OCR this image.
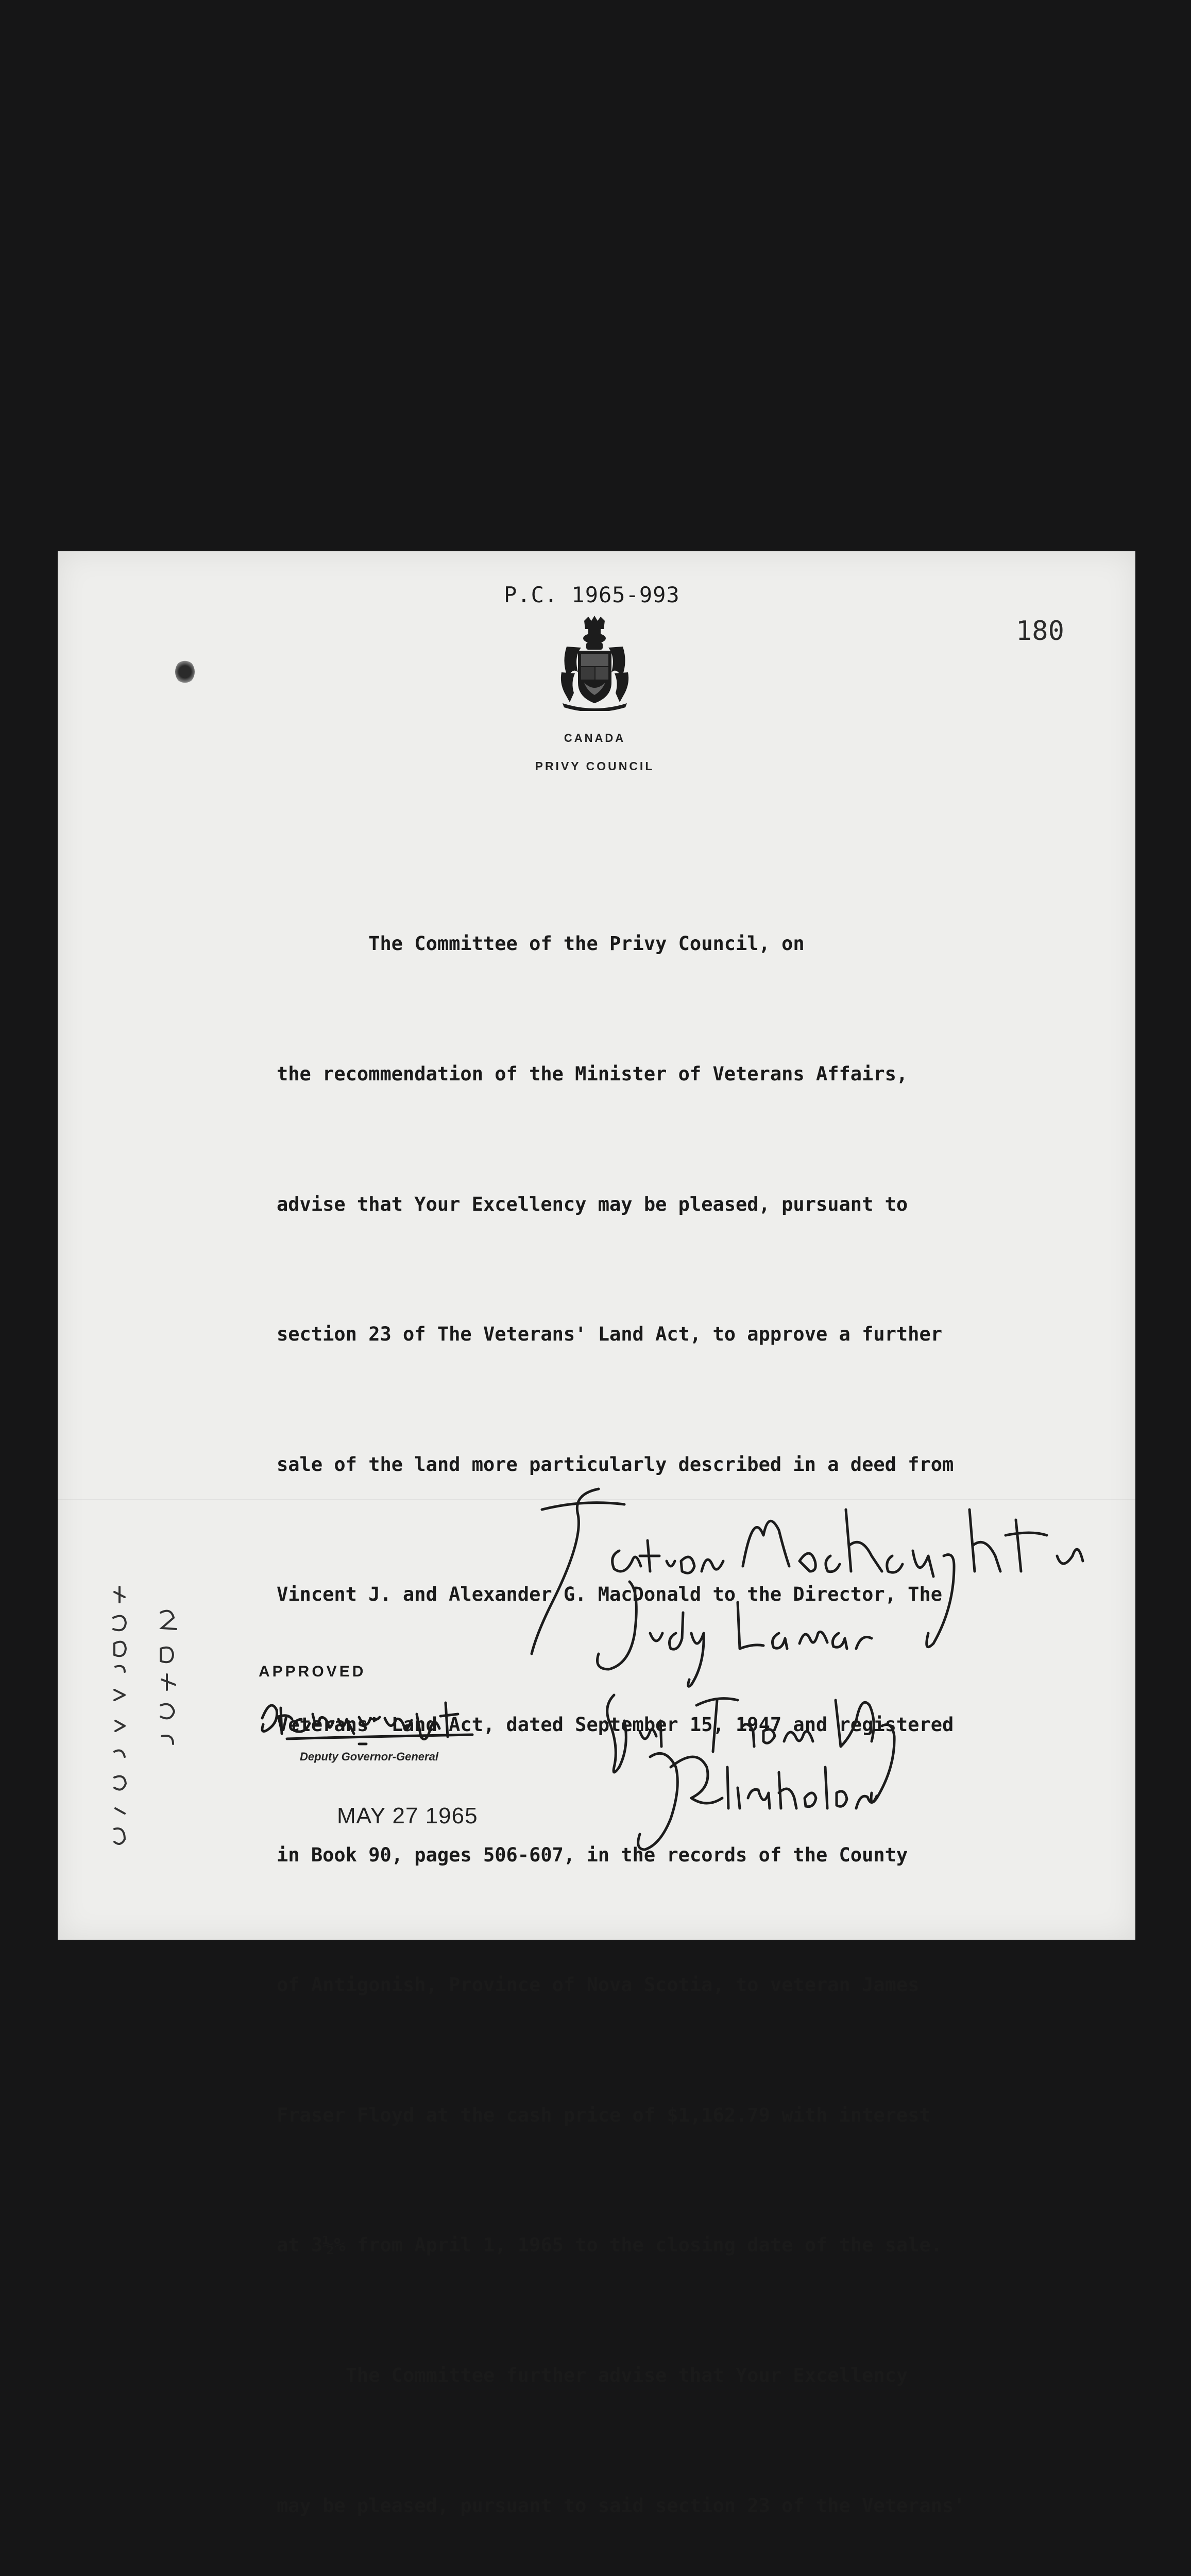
P.C. 1965-993
180
CANADA
PRIVY COUNCIL

The Committee of the Privy Council, on

the recommendation of the Minister of Veterans Affairs,

advise that Your Excellency may be pleased, pursuant to

section 23 of The Veterans' Land Act, to approve a further

sale of the land more particularly described in a deed from

Vincent J. and Alexander G. MacDonald to the Director, The

Veterans' Land Act, dated September 15, 1947 and registered

in Book 90, pages 506-607, in the records of the County

of Antigonish, Province of Nova Scotia, to veteran James

Fraser Floyd at the cash price of $1,162.79 with interest

at 3½% from April 1, 1965 to the closing date of the sale.

The Committee further advise that Your Excellency

may be pleased, pursuant to said section 23 of the Veterans'

APPROVED
Deputy Governor-General
MAY 27 1965
